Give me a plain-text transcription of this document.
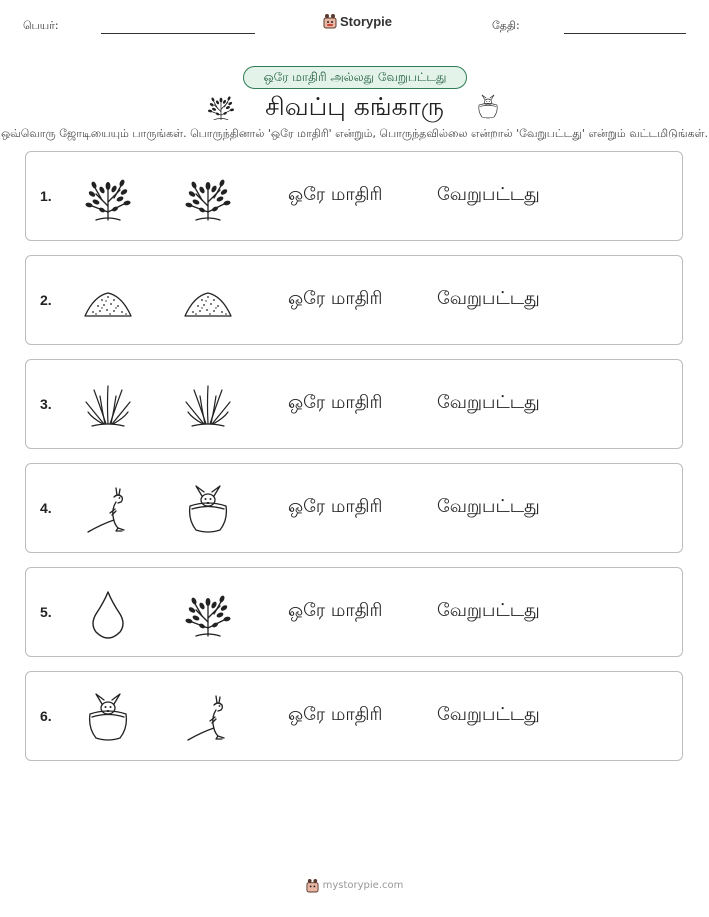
பெயர்:	Storypie	தேதி:
ஒரே மாதிரி அல்லது வேறுபட்டது
சிவப்பு கங்காரு
ஒவ்வொரு ஜோடியையும் பாருங்கள். பொருந்தினால் 'ஒரே மாதிரி' என்றும், பொருந்தவில்லை என்றால் 'வேறுபட்டது' என்றும் வட்டமிடுங்கள்.
1.	ஒரே மாதிரி	வேறுபட்டது
2.	ஒரே மாதிரி	வேறுபட்டது
3.	ஒரே மாதிரி	வேறுபட்டது
4.	ஒரே மாதிரி	வேறுபட்டது
5.	ஒரே மாதிரி	வேறுபட்டது
6.	ஒரே மாதிரி	வேறுபட்டது
mystorypie.com
